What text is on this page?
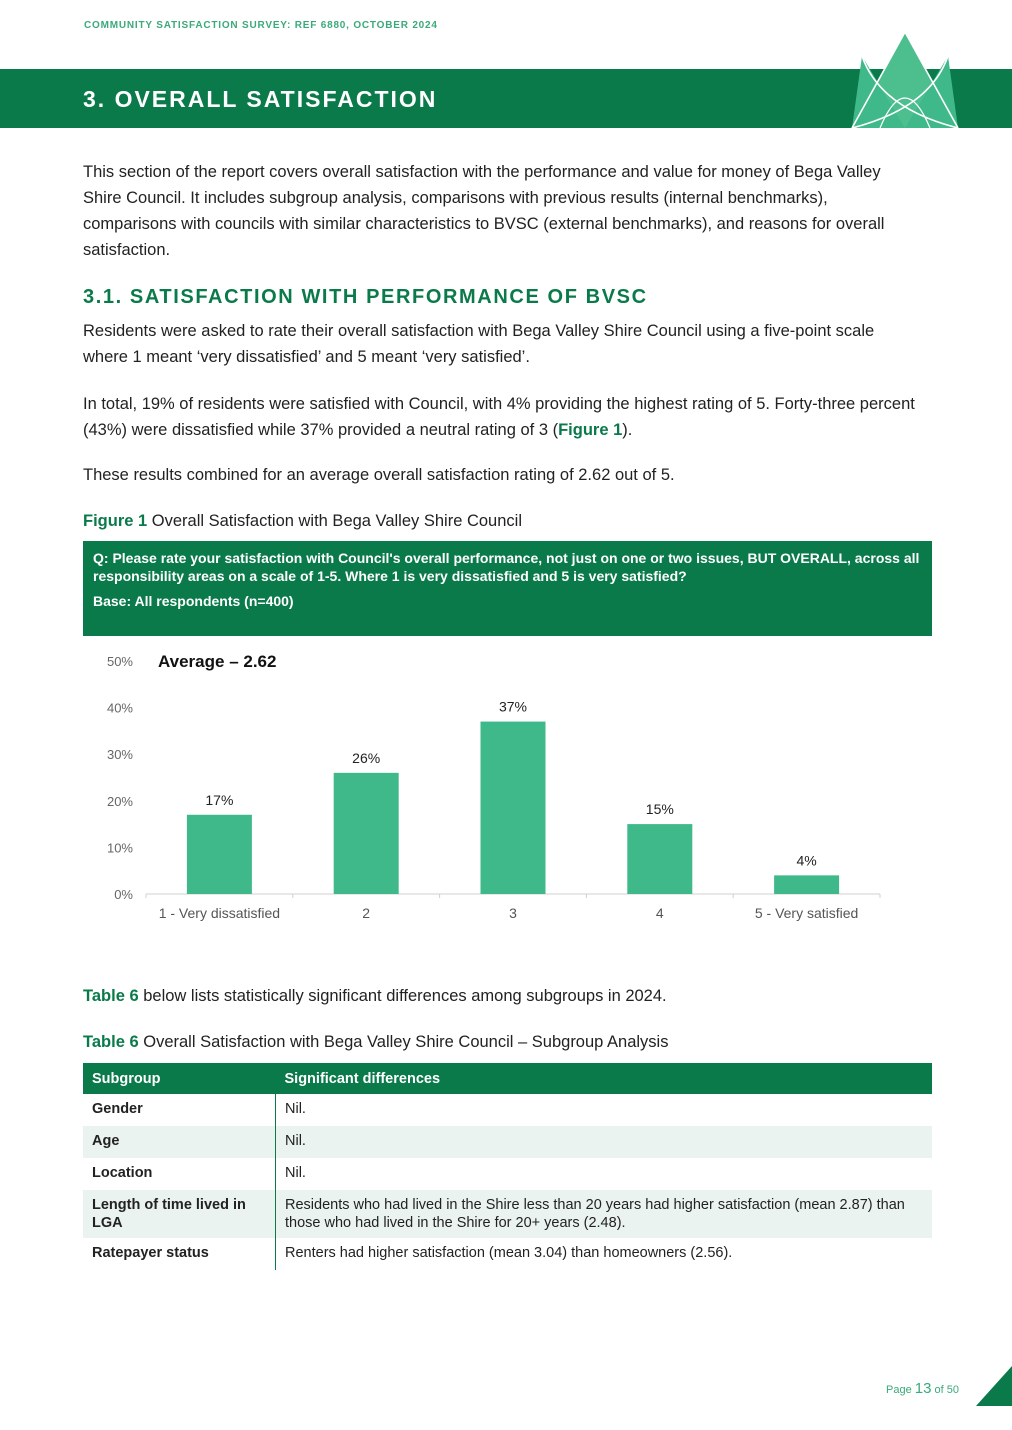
COMMUNITY SATISFACTION SURVEY: REF 6880, OCTOBER 2024
3. OVERALL SATISFACTION
This section of the report covers overall satisfaction with the performance and value for money of Bega Valley Shire Council. It includes subgroup analysis, comparisons with previous results (internal benchmarks), comparisons with councils with similar characteristics to BVSC (external benchmarks), and reasons for overall satisfaction.
3.1. SATISFACTION WITH PERFORMANCE OF BVSC
Residents were asked to rate their overall satisfaction with Bega Valley Shire Council using a five-point scale where 1 meant ‘very dissatisfied’ and 5 meant ‘very satisfied’.
In total, 19% of residents were satisfied with Council, with 4% providing the highest rating of 5. Forty-three percent (43%) were dissatisfied while 37% provided a neutral rating of 3 (Figure 1).
These results combined for an average overall satisfaction rating of 2.62 out of 5.
Figure 1 Overall Satisfaction with Bega Valley Shire Council
Q: Please rate your satisfaction with Council's overall performance, not just on one or two issues, BUT OVERALL, across all responsibility areas on a scale of 1-5. Where 1 is very dissatisfied and 5 is very satisfied?
Base: All respondents (n=400)
Average – 2.62
0%
10%
20%
30%
40%
50%
17%
1 - Very dissatisfied
26%
2
37%
3
15%
4
4%
5 - Very satisfied
Table 6 below lists statistically significant differences among subgroups in 2024.
Table 6 Overall Satisfaction with Bega Valley Shire Council – Subgroup Analysis
Subgroup	Significant differences
Gender	Nil.
Age	Nil.
Location	Nil.
Length of time lived in LGA	Residents who had lived in the Shire less than 20 years had higher satisfaction (mean 2.87) than those who had lived in the Shire for 20+ years (2.48).
Ratepayer status	Renters had higher satisfaction (mean 3.04) than homeowners (2.56).
Page 13 of 50
